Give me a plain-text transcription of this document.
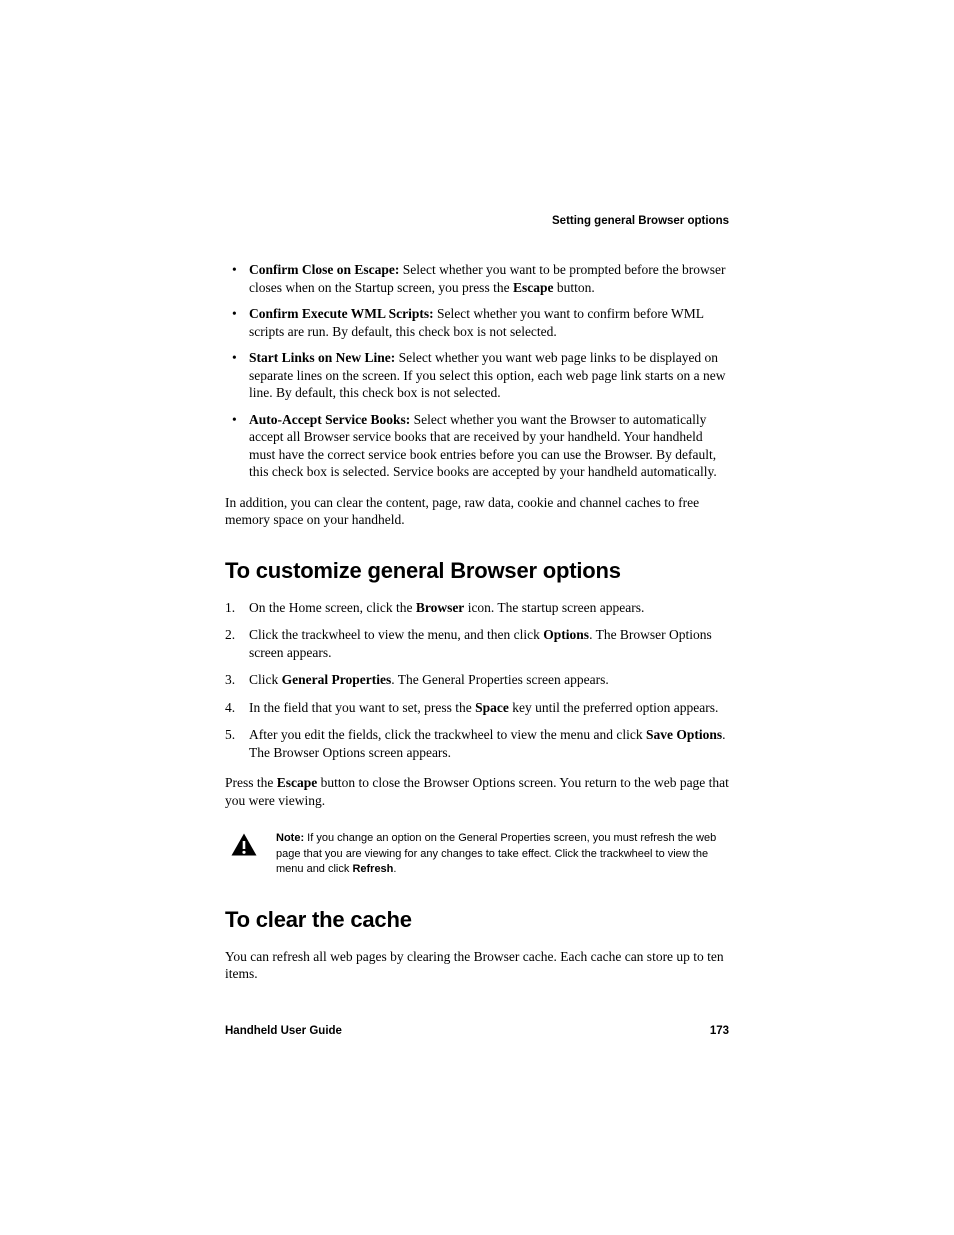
Setting general Browser options
• Confirm Close on Escape: Select whether you want to be prompted before the browser closes when on the Startup screen, you press the Escape button.
• Confirm Execute WML Scripts: Select whether you want to confirm before WML scripts are run. By default, this check box is not selected.
• Start Links on New Line: Select whether you want web page links to be displayed on separate lines on the screen. If you select this option, each web page link starts on a new line. By default, this check box is not selected.
• Auto-Accept Service Books: Select whether you want the Browser to automatically accept all Browser service books that are received by your handheld. Your handheld must have the correct service book entries before you can use the Browser. By default, this check box is selected. Service books are accepted by your handheld automatically.

In addition, you can clear the content, page, raw data, cookie and channel caches to free memory space on your handheld.

To customize general Browser options
1.	On the Home screen, click the Browser icon. The startup screen appears.
2.	Click the trackwheel to view the menu, and then click Options. The Browser Options screen appears.
3.	Click General Properties. The General Properties screen appears.
4.	In the field that you want to set, press the Space key until the preferred option appears.
5.	After you edit the fields, click the trackwheel to view the menu and click Save Options. The Browser Options screen appears.

Press the Escape button to close the Browser Options screen. You return to the web page that you were viewing.

Note: If you change an option on the General Properties screen, you must refresh the web page that you are viewing for any changes to take effect. Click the trackwheel to view the menu and click Refresh.
To clear the cache

You can refresh all web pages by clearing the Browser cache. Each cache can store up to ten items.

Handheld User Guide	173
